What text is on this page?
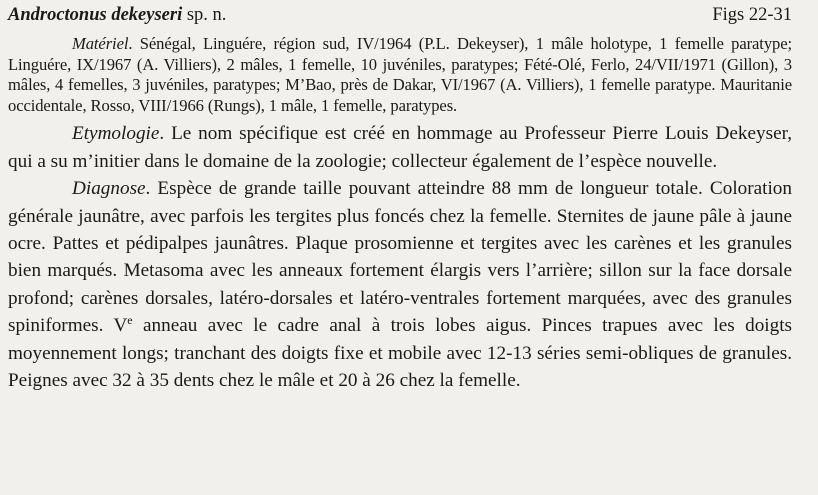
Androctonus dekeyseri sp. n.	Figs 22-31

Matériel. Sénégal, Linguére, région sud, IV/1964 (P.L. Dekeyser), 1 mâle holotype, 1 femelle paratype; Linguére, IX/1967 (A. Villiers), 2 mâles, 1 femelle, 10 juvéniles, paratypes; Fété-Olé, Ferlo, 24/VII/1971 (Gillon), 3 mâles, 4 femelles, 3 juvéniles, paratypes; M’Bao, près de Dakar, VI/1967 (A. Villiers), 1 femelle paratype. Mauritanie occidentale, Rosso, VIII/1966 (Rungs), 1 mâle, 1 femelle, paratypes.

Etymologie. Le nom spécifique est créé en hommage au Professeur Pierre Louis Dekeyser, qui a su m’initier dans le domaine de la zoologie; collecteur également de l’espèce nouvelle.

Diagnose. Espèce de grande taille pouvant atteindre 88 mm de longueur totale. Coloration générale jaunâtre, avec parfois les tergites plus foncés chez la femelle. Sternites de jaune pâle à jaune ocre. Pattes et pédipalpes jaunâtres. Plaque prosomienne et tergites avec les carènes et les granules bien marqués. Metasoma avec les anneaux fortement élargis vers l’arrière; sillon sur la face dorsale profond; carènes dorsales, latéro-dorsales et latéro-ventrales fortement marquées, avec des granules spiniformes. Ve anneau avec le cadre anal à trois lobes aigus. Pinces trapues avec les doigts moyennement longs; tranchant des doigts fixe et mobile avec 12-13 séries semi-obliques de granules. Peignes avec 32 à 35 dents chez le mâle et 20 à 26 chez la femelle.
